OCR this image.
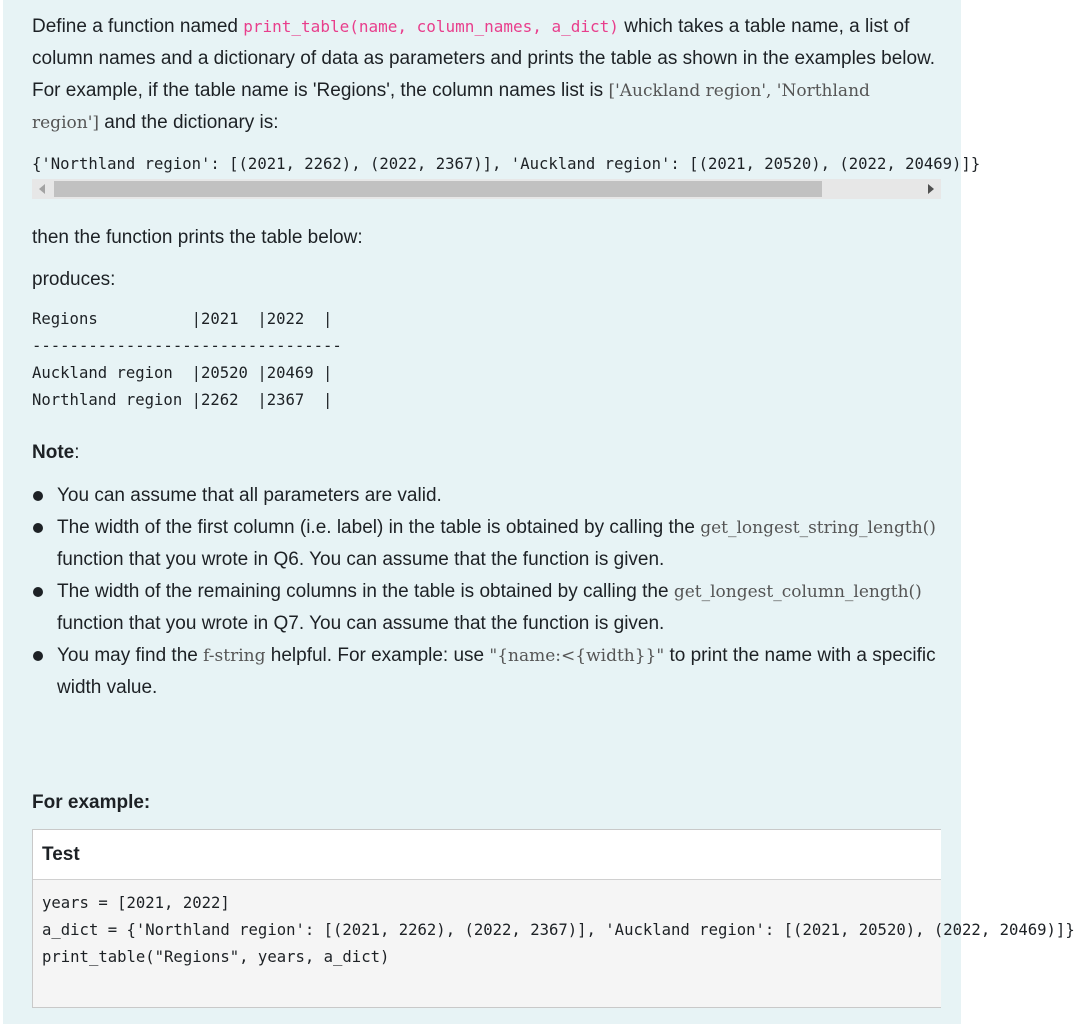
Define a function named print_table(name, column_names, a_dict) which takes a table name, a list of column names and a dictionary of data as parameters and prints the table as shown in the examples below. For example, if the table name is 'Regions', the column names list is ['Auckland region', 'Northland region'] and the dictionary is:

{'Northland region': [(2021, 2262), (2022, 2367)], 'Auckland region': [(2021, 20520), (2022, 20469)]}

then the function prints the table below:

produces:

Regions          |2021  |2022  |
---------------------------------
Auckland region  |20520 |20469 |
Northland region |2262  |2367  |

Note:

You can assume that all parameters are valid.
The width of the first column (i.e. label) in the table is obtained by calling the get_longest_string_length() function that you wrote in Q6. You can assume that the function is given.
The width of the remaining columns in the table is obtained by calling the get_longest_column_length() function that you wrote in Q7. You can assume that the function is given.
You may find the f-string helpful. For example: use "{name:<{width}}" to print the name with a specific width value.

For example:

Test
years = [2021, 2022]
a_dict = {'Northland region': [(2021, 2262), (2022, 2367)], 'Auckland region': [(2021, 20520), (2022, 20469)]}
print_table("Regions", years, a_dict)
